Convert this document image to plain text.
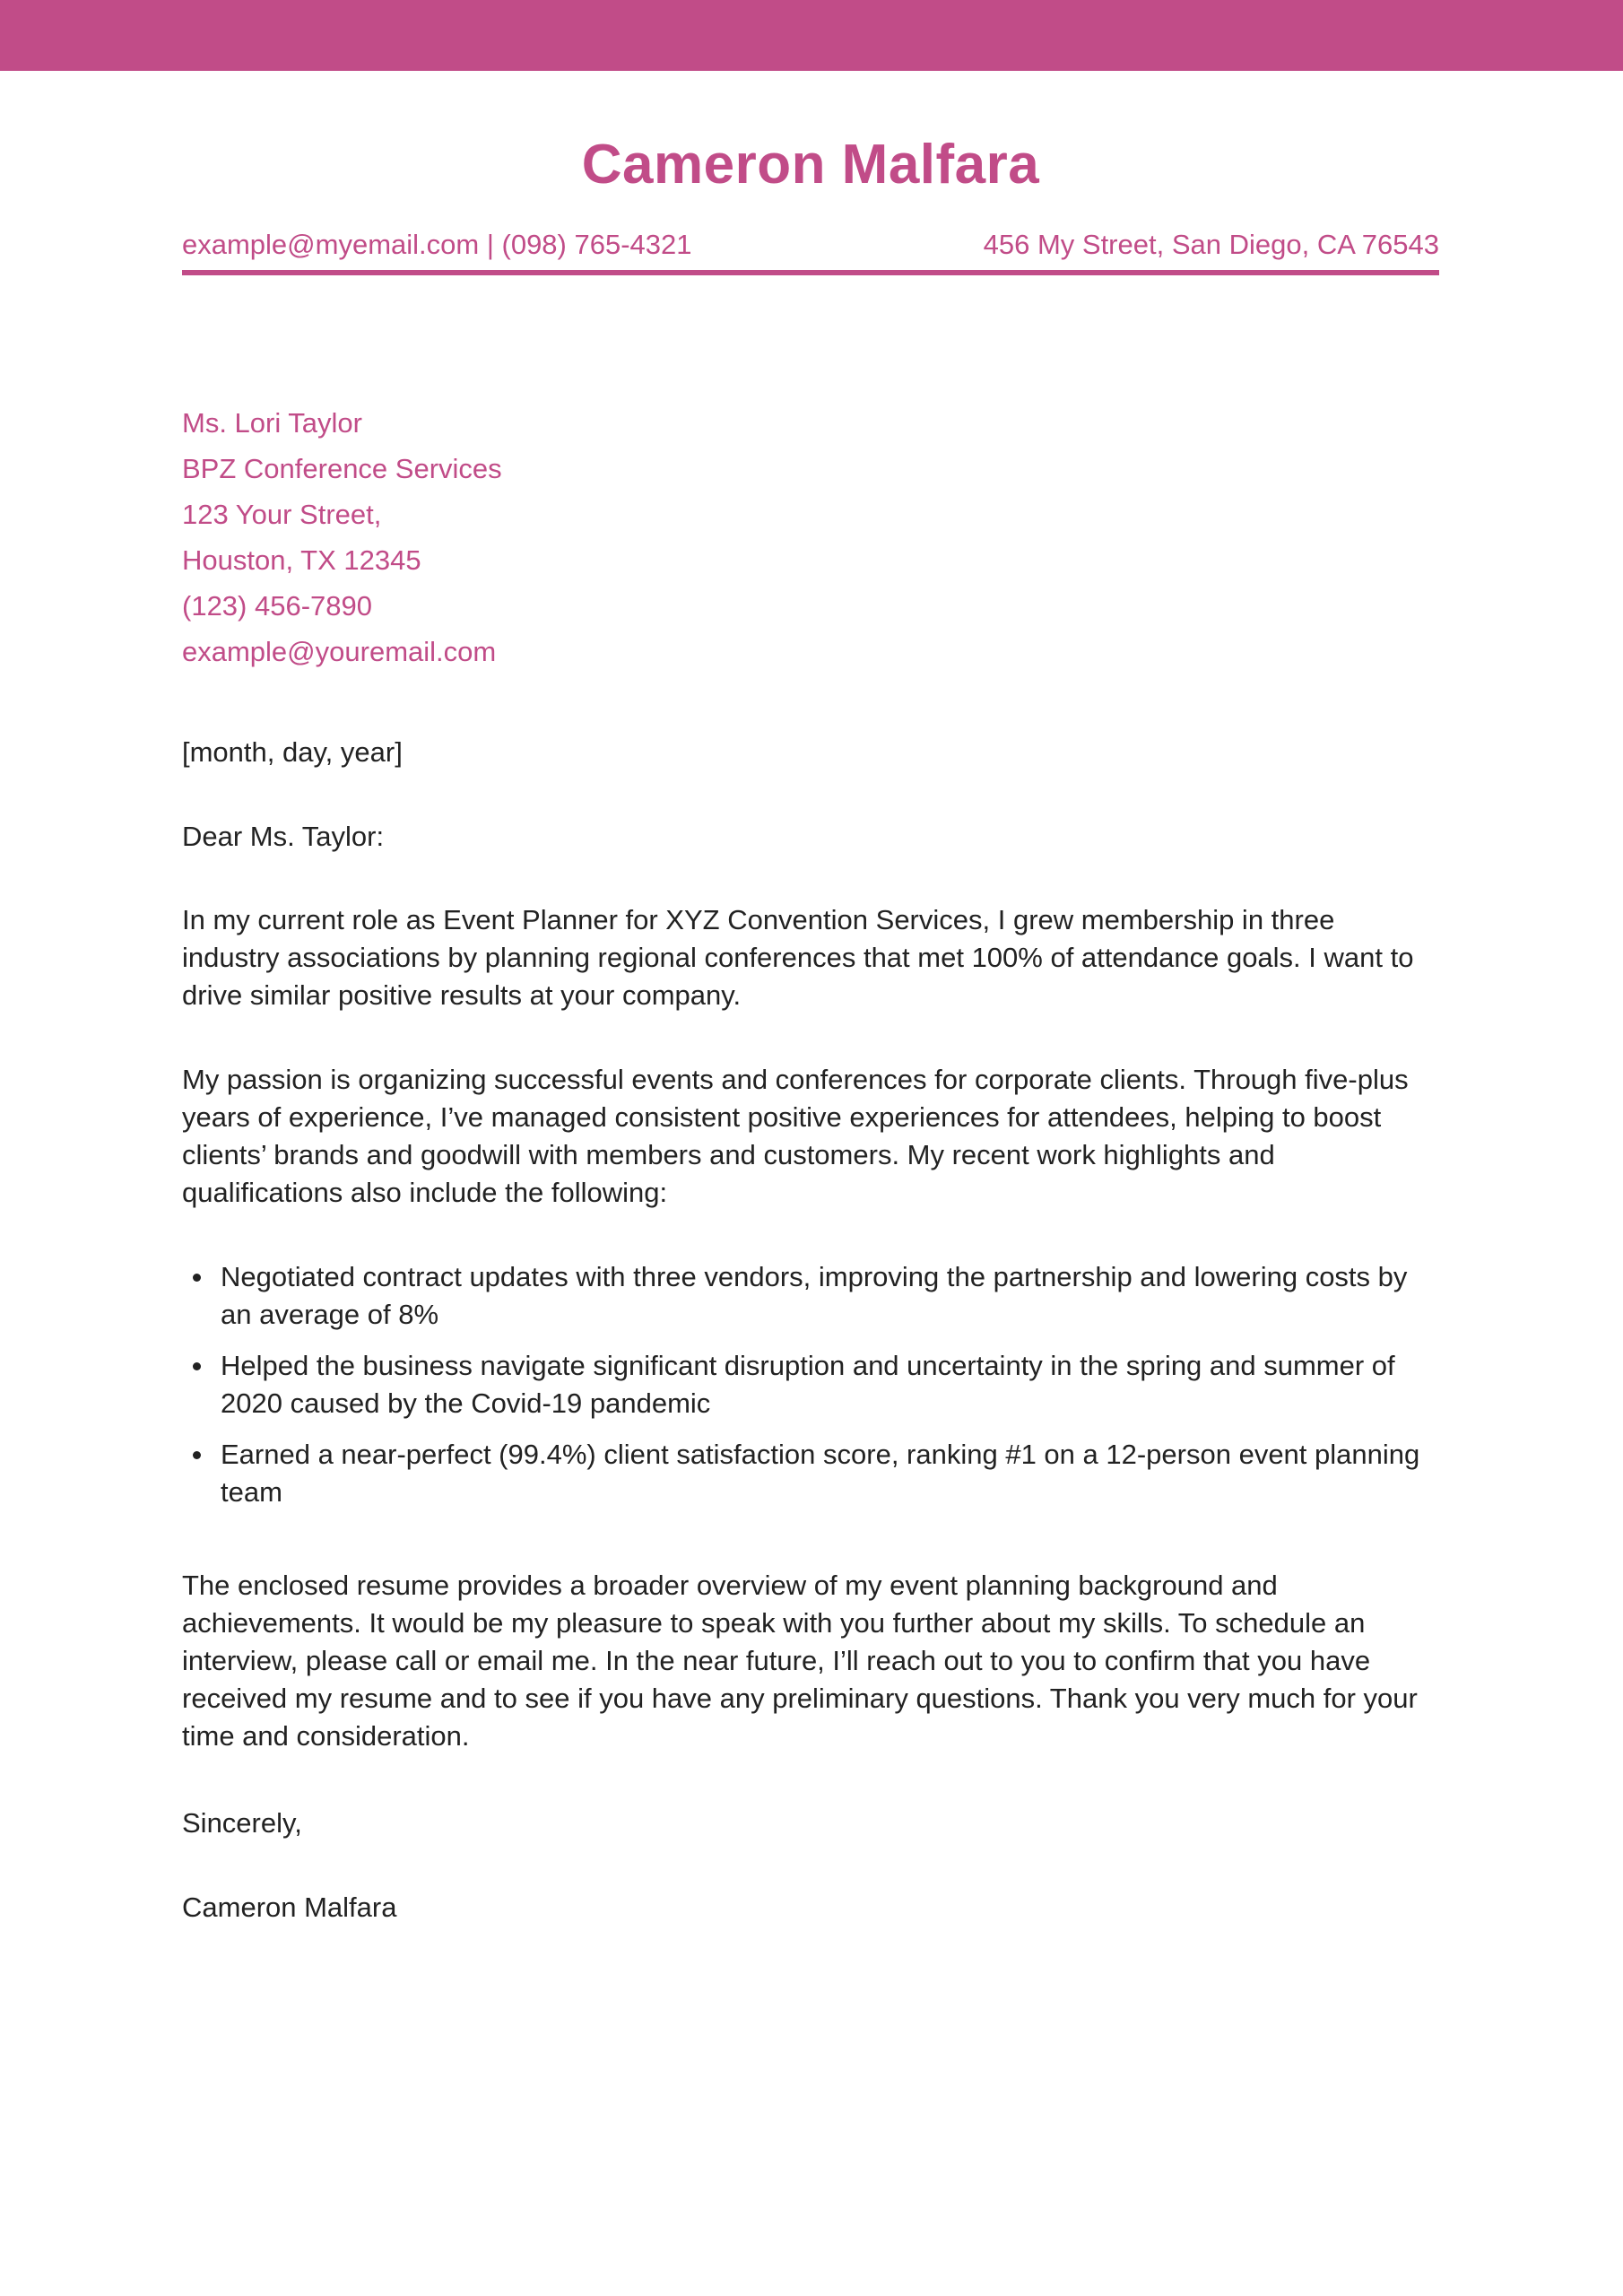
Cameron Malfara
example@myemail.com | (098) 765-4321	456 My Street, San Diego, CA 76543
Ms. Lori Taylor
BPZ Conference Services
123 Your Street,
Houston, TX 12345
(123) 456-7890
example@youremail.com
[month, day, year]
Dear Ms. Taylor:
In my current role as Event Planner for XYZ Convention Services, I grew membership in three industry associations by planning regional conferences that met 100% of attendance goals. I want to drive similar positive results at your company.
My passion is organizing successful events and conferences for corporate clients. Through five-plus years of experience, I’ve managed consistent positive experiences for attendees, helping to boost clients’ brands and goodwill with members and customers. My recent work highlights and qualifications also include the following:
Negotiated contract updates with three vendors, improving the partnership and lowering costs by an average of 8%
Helped the business navigate significant disruption and uncertainty in the spring and summer of 2020 caused by the Covid-19 pandemic
Earned a near-perfect (99.4%) client satisfaction score, ranking #1 on a 12-person event planning team
The enclosed resume provides a broader overview of my event planning background and achievements. It would be my pleasure to speak with you further about my skills. To schedule an interview, please call or email me. In the near future, I’ll reach out to you to confirm that you have received my resume and to see if you have any preliminary questions. Thank you very much for your time and consideration.
Sincerely,
Cameron Malfara
